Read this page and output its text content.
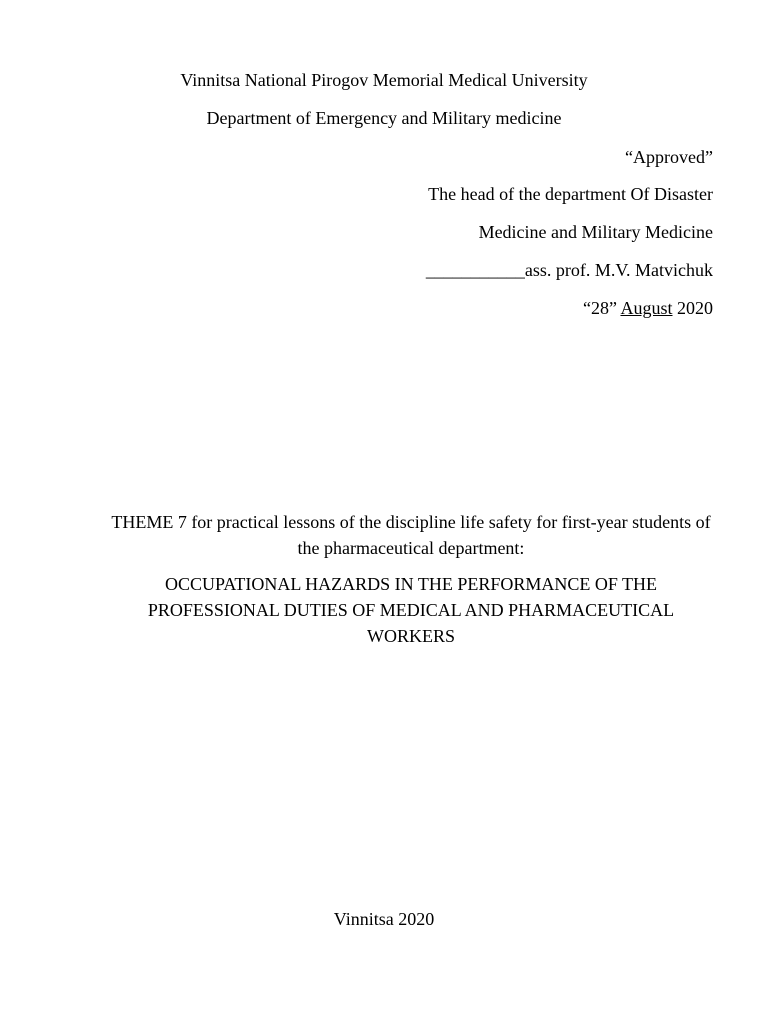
Vinnitsa National Pirogov Memorial Medical University
Department of Emergency and Military medicine
“Approved”
The head of the department Of Disaster
Medicine and Military Medicine
___________ass. prof. M.V. Matvichuk
“28” August 2020
THEME 7 for practical lessons of the discipline life safety for first-year students of the pharmaceutical department:
OCCUPATIONAL HAZARDS IN THE PERFORMANCE OF THE PROFESSIONAL DUTIES OF MEDICAL AND PHARMACEUTICAL WORKERS
Vinnitsa 2020
